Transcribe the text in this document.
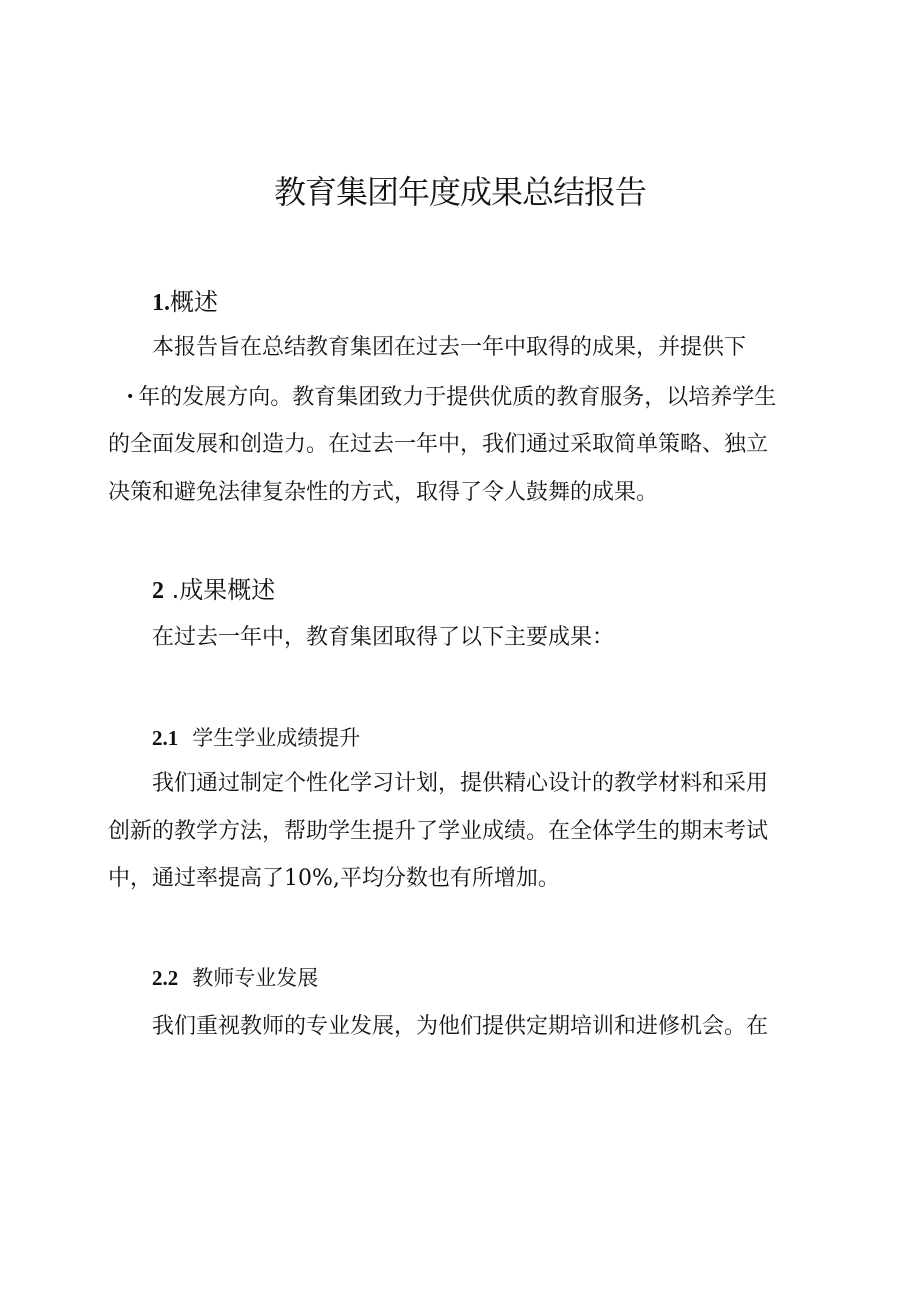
教育集团年度成果总结报告
1.概述
本报告旨在总结教育集团在过去一年中取得的成果，并提供下
• 年的发展方向。教育集团致力于提供优质的教育服务，以培养学生
的全面发展和创造力。在过去一年中，我们通过采取简单策略、独立
决策和避免法律复杂性的方式，取得了令人鼓舞的成果。
2 .成果概述
在过去一年中，教育集团取得了以下主要成果：
2.1 学生学业成绩提升
我们通过制定个性化学习计划，提供精心设计的教学材料和采用
创新的教学方法，帮助学生提升了学业成绩。在全体学生的期末考试
中，通过率提高了10%,平均分数也有所增加。
2.2 教师专业发展
我们重视教师的专业发展，为他们提供定期培训和进修机会。在
